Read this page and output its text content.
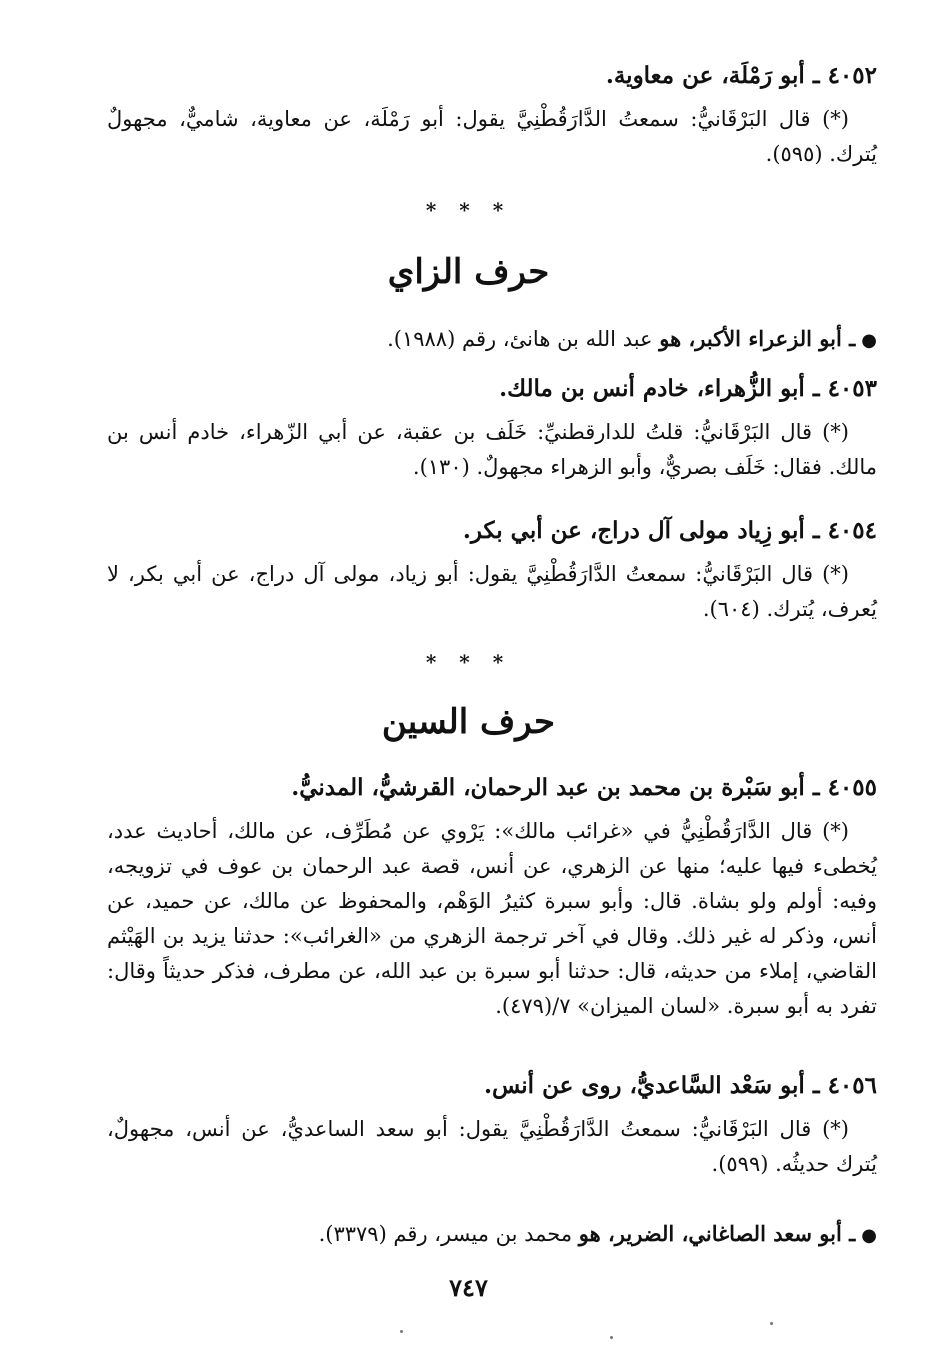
٤٠٥٢ ـ أبو رَمْلَة، عن معاوية.
(*) قال البَرْقَانيُّ: سمعتُ الدَّارَقُطْنِيَّ يقول: أبو رَمْلَة، عن معاوية، شاميٌّ، مجهولٌ يُترك. (٥٩٥).
* * *
حرف الزاي
●ـ أبو الزعراء الأكبر، هو عبد الله بن هانئ، رقم (١٩٨٨).
٤٠٥٣ ـ أبو الزُّهراء، خادم أنس بن مالك.
(*) قال البَرْقَانيُّ: قلتُ للدارقطنيِّ: خَلَف بن عقبة، عن أبي الزّهراء، خادم أنس بن مالك. فقال: خَلَف بصريٌّ، وأبو الزهراء مجهولٌ. (١٣٠).
٤٠٥٤ ـ أبو زِياد مولى آل دراج، عن أبي بكر.
(*) قال البَرْقَانيُّ: سمعتُ الدَّارَقُطْنِيَّ يقول: أبو زياد، مولى آل دراج، عن أبي بكر، لا يُعرف، يُترك. (٦٠٤).
* * *
حرف السين
٤٠٥٥ ـ أبو سَبْرة بن محمد بن عبد الرحمان، القرشيُّ، المدنيُّ.
(*) قال الدَّارَقُطْنِيُّ في «غرائب مالك»: يَرْوي عن مُطَرِّف، عن مالك، أحاديث عدد، يُخطىء فيها عليه؛ منها عن الزهري، عن أنس، قصة عبد الرحمان بن عوف في تزويجه، وفيه: أولم ولو بشاة. قال: وأبو سبرة كثيرُ الوَهْم، والمحفوظ عن مالك، عن حميد، عن أنس، وذكر له غير ذلك. وقال في آخر ترجمة الزهري من «الغرائب»: حدثنا يزيد بن الهَيْثم القاضي، إملاء من حديثه، قال: حدثنا أبو سبرة بن عبد الله، عن مطرف، فذكر حديثاً وقال: تفرد به أبو سبرة. «لسان الميزان» ٧/(٤٧٩).
٤٠٥٦ ـ أبو سَعْد السَّاعديُّ، روى عن أنس.
(*) قال البَرْقَانيُّ: سمعتُ الدَّارَقُطْنِيَّ يقول: أبو سعد الساعديُّ، عن أنس، مجهولٌ، يُترك حديثُه. (٥٩٩).
●ـ أبو سعد الصاغاني، الضرير، هو محمد بن ميسر، رقم (٣٣٧٩).
٧٤٧
